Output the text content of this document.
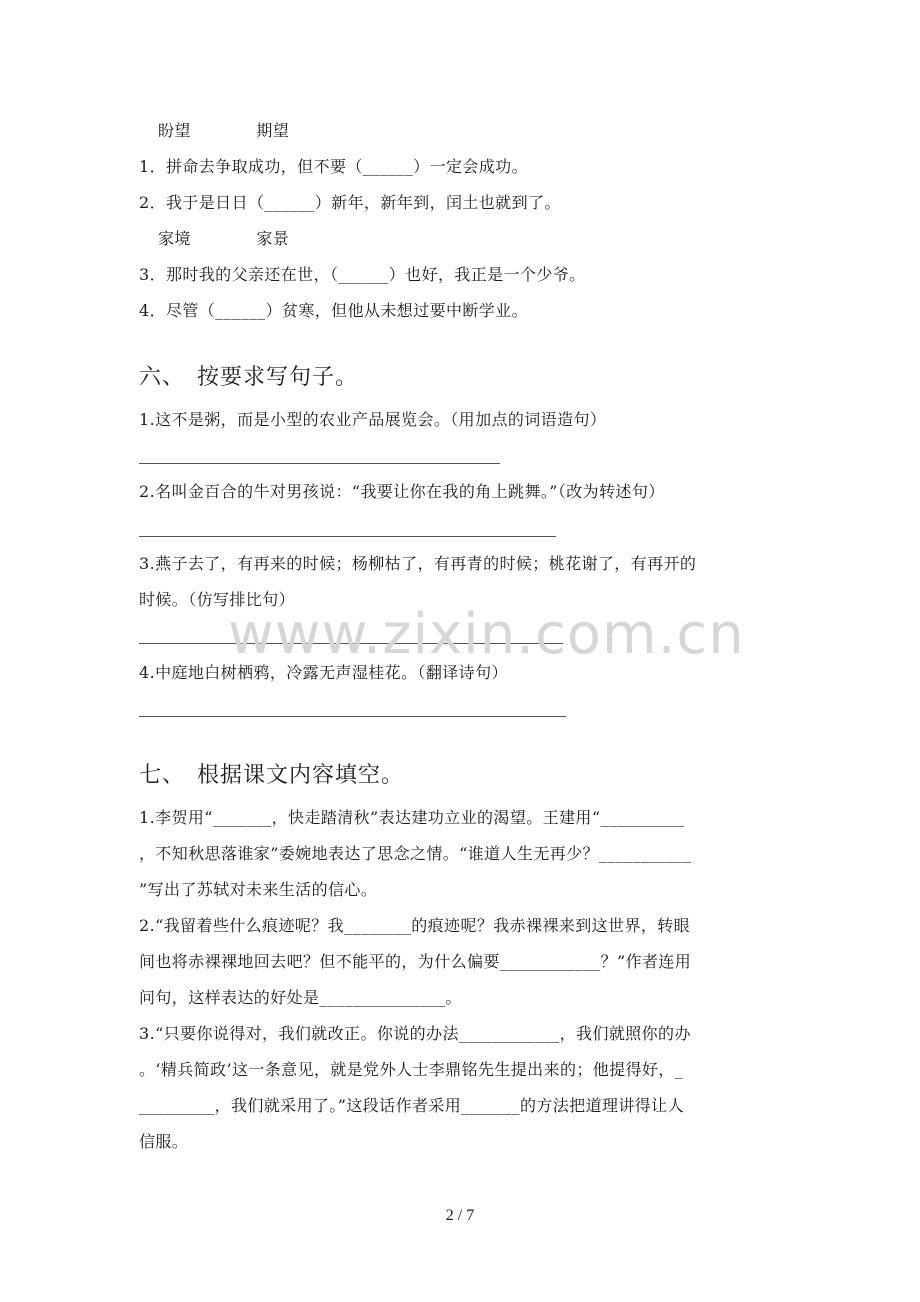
盼望　　　　期望
1．拼命去争取成功，但不要（______）一定会成功。
2．我于是日日（______）新年，新年到，闰土也就到了。
家境　　　　家景
3．那时我的父亲还在世，（______）也好，我正是一个少爷。
4．尽管（______）贫寒，但他从未想过要中断学业。
六、　按要求写句子。
1.这不是粥，而是小型的农业产品展览会。（用加点的词语造句）
2.名叫金百合的牛对男孩说：“我要让你在我的角上跳舞。”（改为转述句）
3.燕子去了，有再来的时候；杨柳枯了，有再青的时候；桃花谢了，有再开的
时候。（仿写排比句）
4.中庭地白树栖鸦，冷露无声湿桂花。（翻译诗句）
七、　根据课文内容填空。
1.李贺用“_______，快走踏清秋”表达建功立业的渴望。王建用“__________
，不知秋思落谁家”委婉地表达了思念之情。“谁道人生无再少？___________
”写出了苏轼对未来生活的信心。
2.“我留着些什么痕迹呢？我________的痕迹呢？我赤裸裸来到这世界，转眼
间也将赤裸裸地回去吧？但不能平的，为什么偏要____________？”作者连用
问句，这样表达的好处是_______________。
3.“只要你说得对，我们就改正。你说的办法____________，我们就照你的办
。‘精兵简政’这一条意见，就是党外人士李鼎铭先生提出来的；他提得好，_
_________，我们就采用了。”这段话作者采用_______的方法把道理讲得让人
信服。
www.zixin.com.cn
2 / 7
